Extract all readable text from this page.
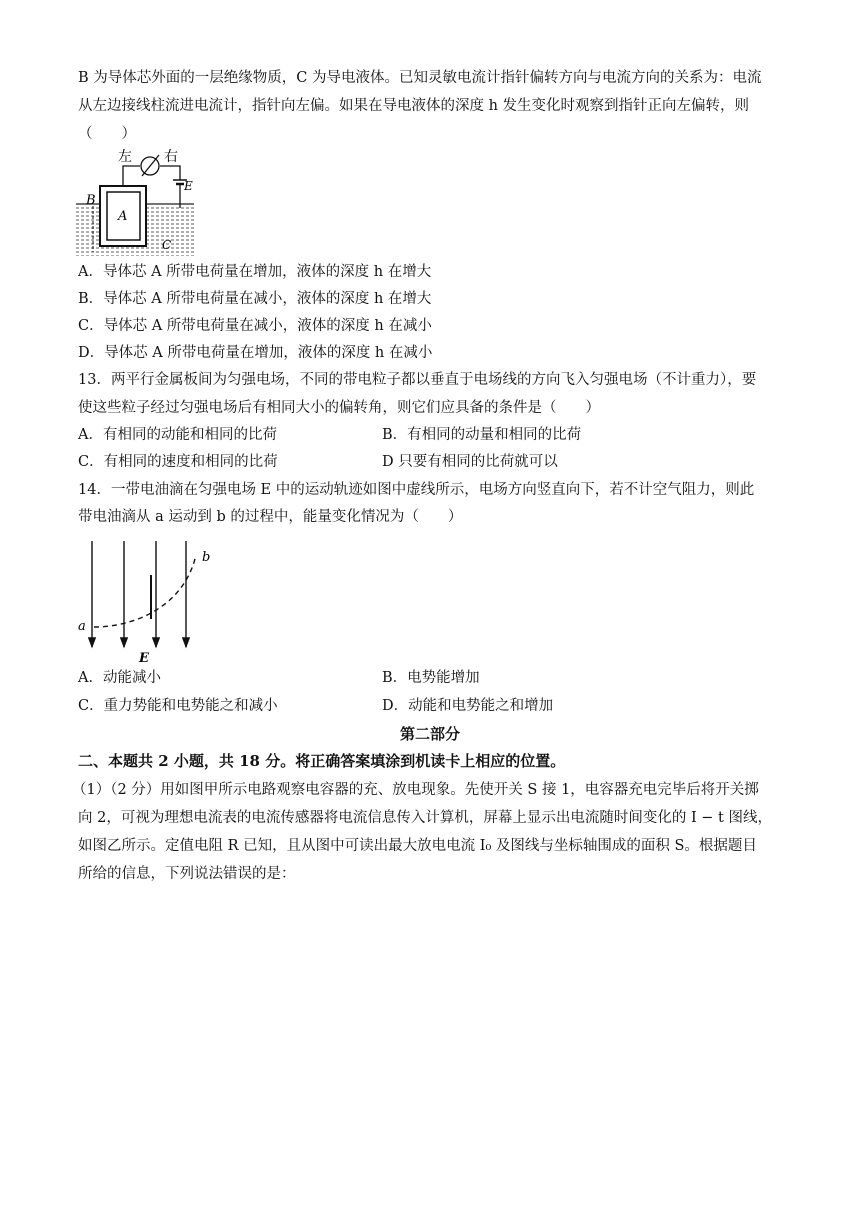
B 为导体芯外面的一层绝缘物质，C 为导电液体。已知灵敏电流计指针偏转方向与电流方向的关系为：电流
从左边接线柱流进电流计，指针向左偏。如果在导电液体的深度 h 发生变化时观察到指针正向左偏转，则
（　　）
左 右
E
A
B
C
A．导体芯 A 所带电荷量在增加，液体的深度 h 在增大
B．导体芯 A 所带电荷量在减小，液体的深度 h 在增大
C．导体芯 A 所带电荷量在减小，液体的深度 h 在减小
D．导体芯 A 所带电荷量在增加，液体的深度 h 在减小
13．两平行金属板间为匀强电场，不同的带电粒子都以垂直于电场线的方向飞入匀强电场（不计重力），要
使这些粒子经过匀强电场后有相同大小的偏转角，则它们应具备的条件是（　　）
A．有相同的动能和相同的比荷	B．有相同的动量和相同的比荷
C．有相同的速度和相同的比荷	D 只要有相同的比荷就可以
14．一带电油滴在匀强电场 E 中的运动轨迹如图中虚线所示，电场方向竖直向下，若不计空气阻力，则此
带电油滴从 a 运动到 b 的过程中，能量变化情况为（　　）
a
b
E
A．动能减小	B．电势能增加
C．重力势能和电势能之和减小	D．动能和电势能之和增加
第二部分
二、本题共 2 小题，共 18 分。将正确答案填涂到机读卡上相应的位置。
（1）（2 分）用如图甲所示电路观察电容器的充、放电现象。先使开关 S 接 1，电容器充电完毕后将开关掷
向 2，可视为理想电流表的电流传感器将电流信息传入计算机，屏幕上显示出电流随时间变化的 I − t 图线，
如图乙所示。定值电阻 R 已知，且从图中可读出最大放电电流 I₀ 及图线与坐标轴围成的面积 S。根据题目
所给的信息，下列说法错误的是：
